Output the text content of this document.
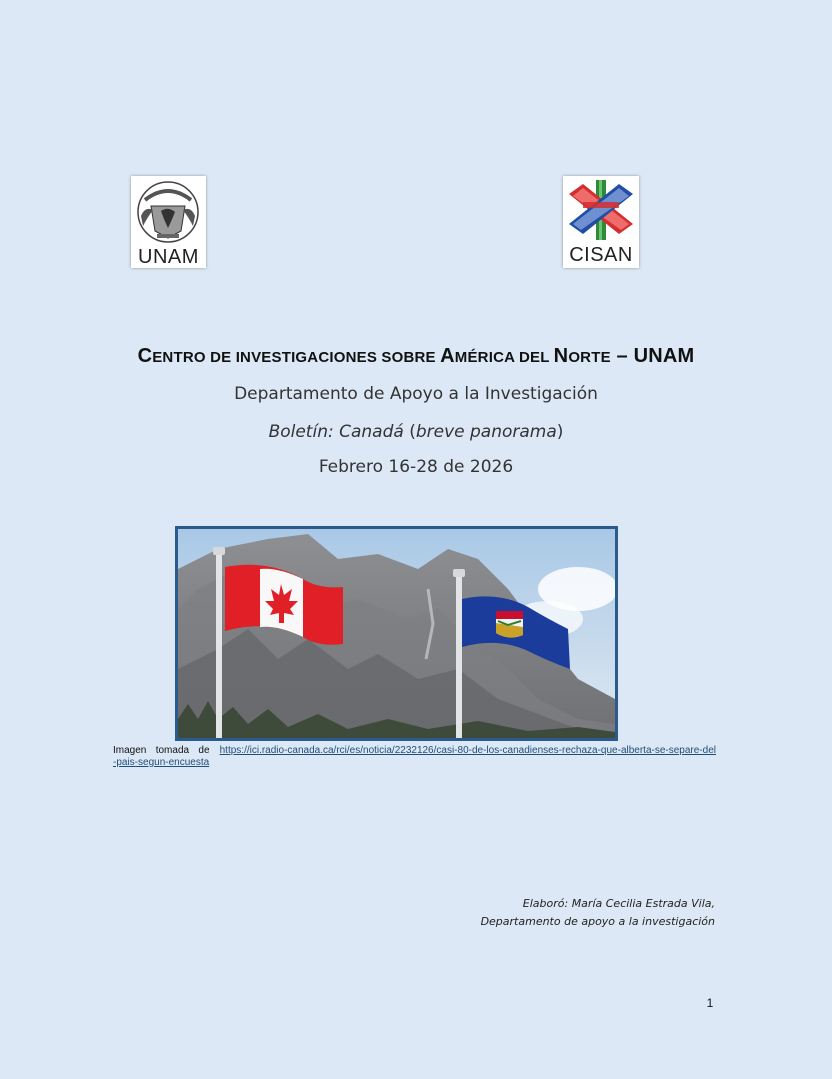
UNAM	CISAN
CENTRO DE INVESTIGACIONES SOBRE AMÉRICA DEL NORTE – UNAM
Departamento de Apoyo a la Investigación
Boletín: Canadá (breve panorama)
Febrero 16-28 de 2026
Imagen tomada de https://ici.radio-canada.ca/rci/es/noticia/2232126/casi-80-de-los-canadienses-rechaza-que-alberta-se-separe-del-pais-segun-encuesta
Elaboró: María Cecilia Estrada Vila,
Departamento de apoyo a la investigación
1
